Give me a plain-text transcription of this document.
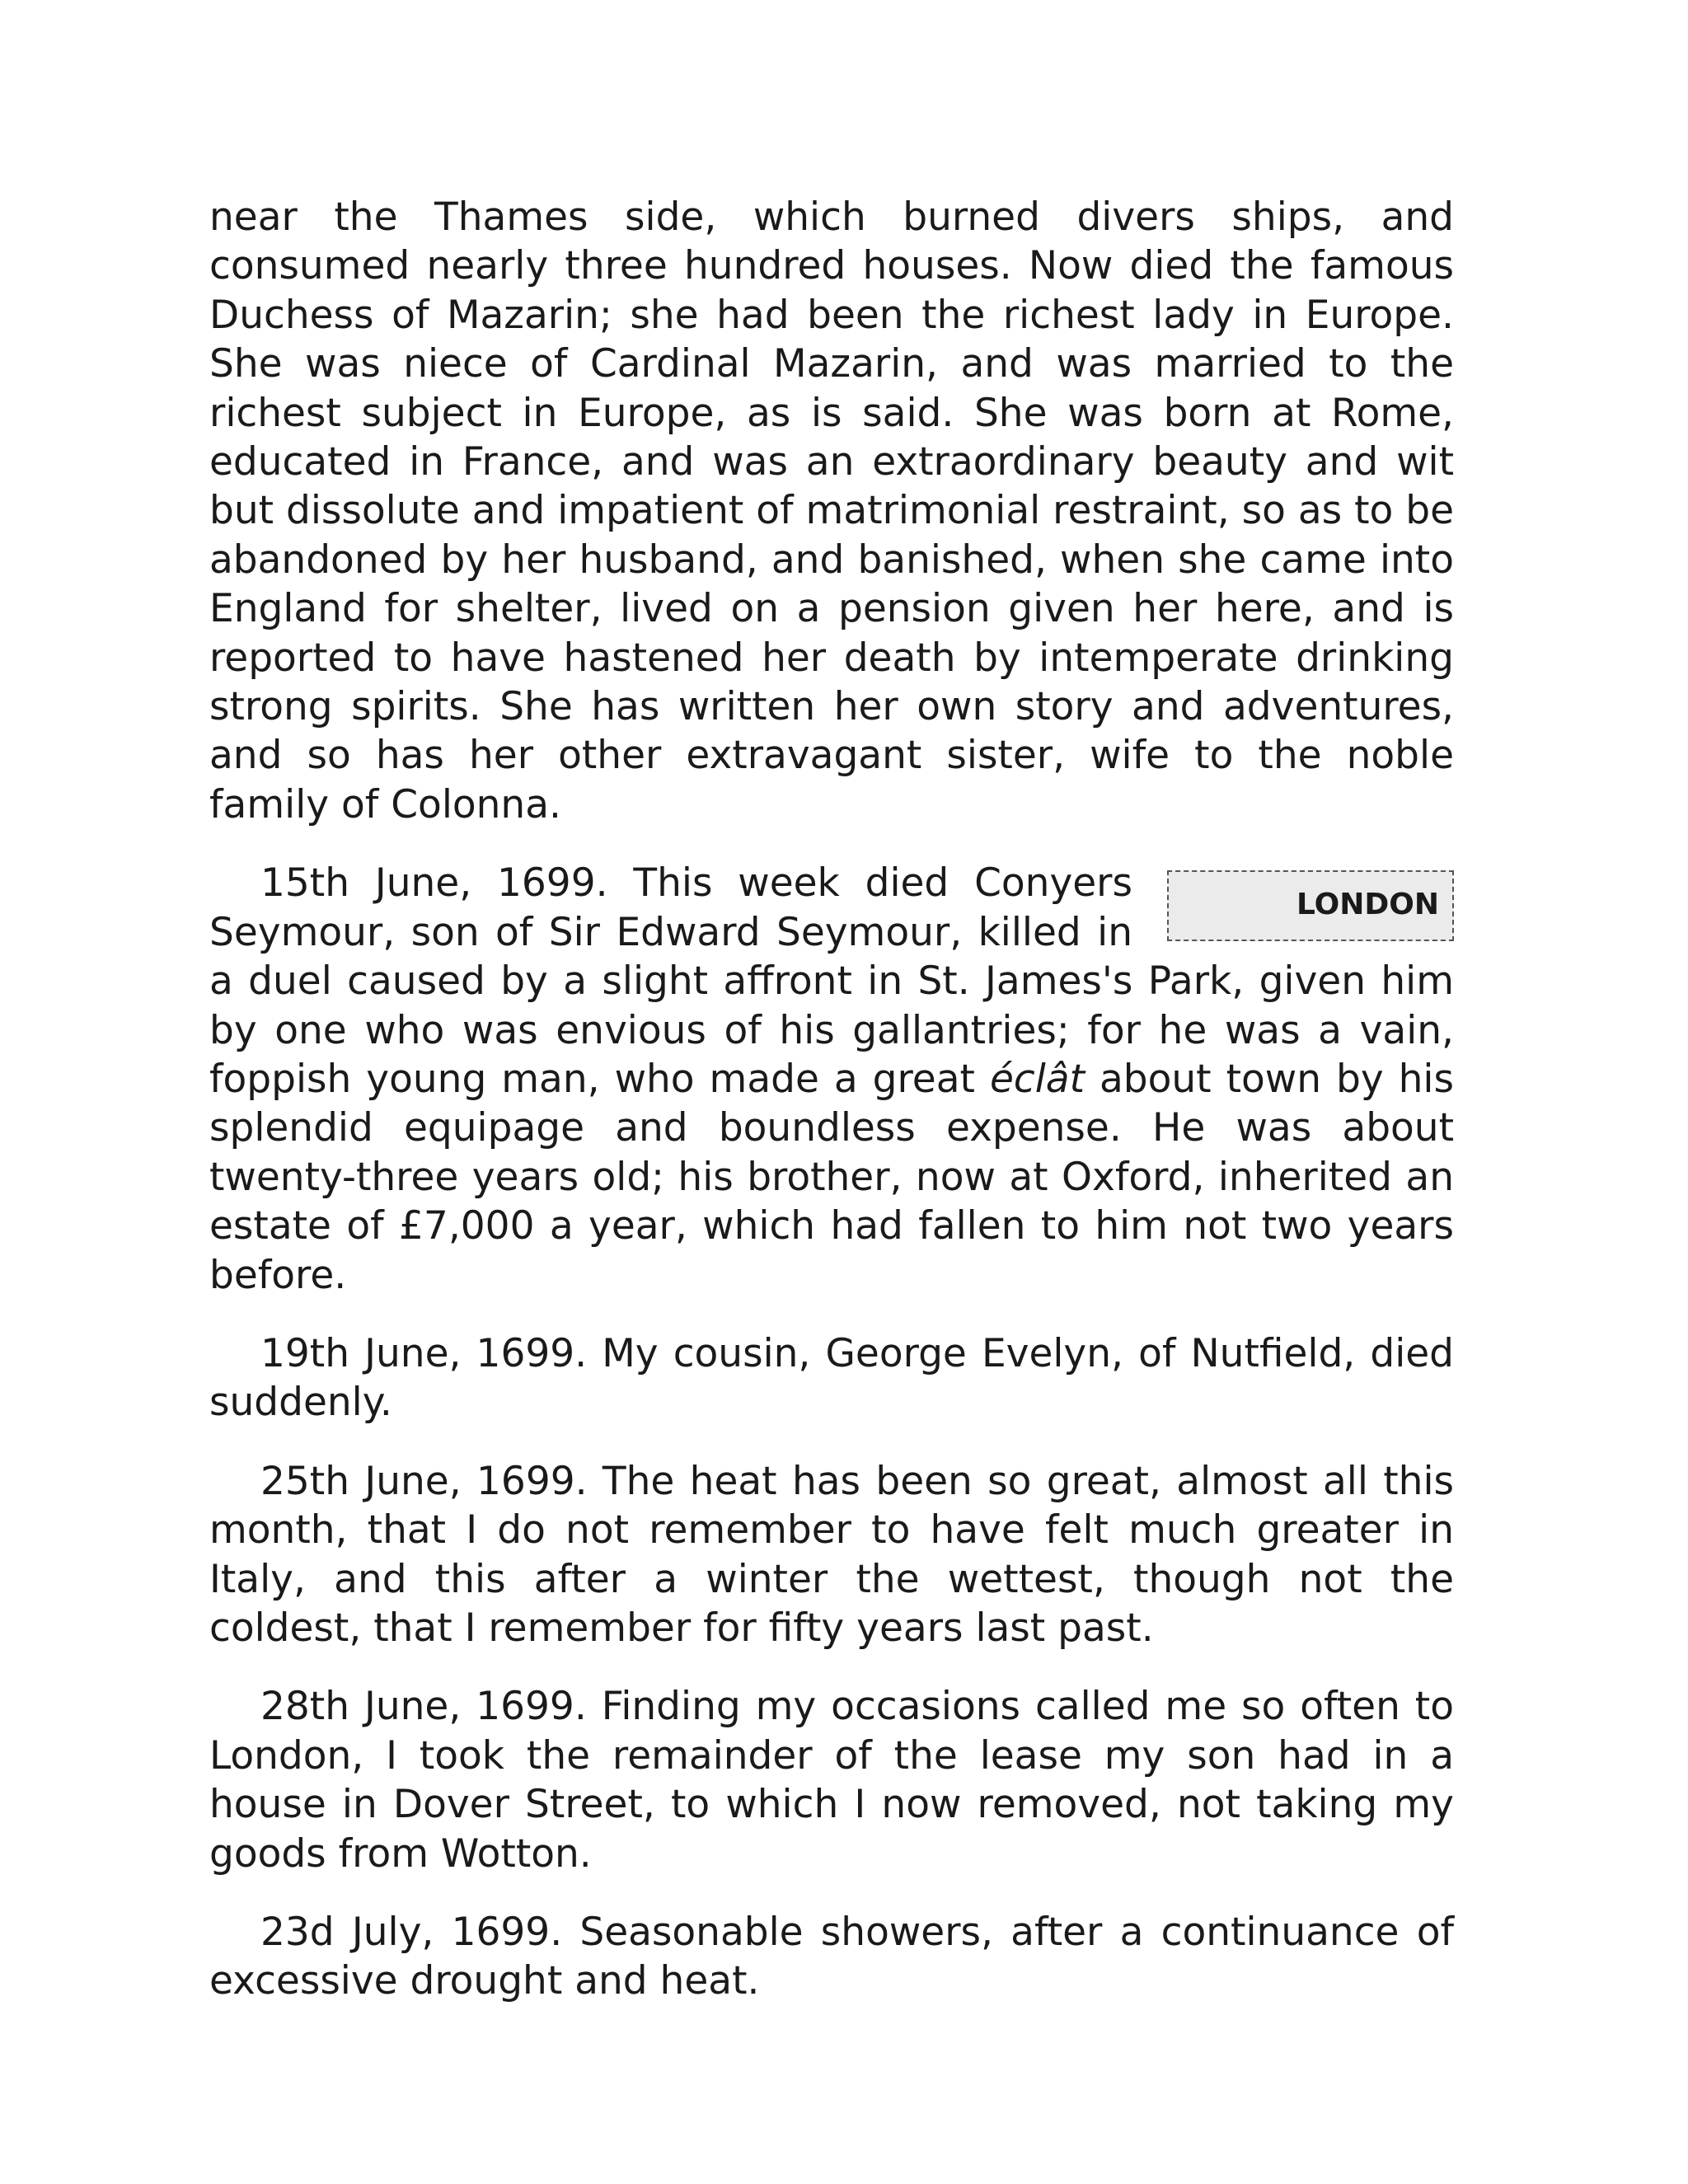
near the Thames side, which burned divers ships, and consumed nearly three hundred houses. Now died the famous Duchess of Mazarin; she had been the richest lady in Europe. She was niece of Cardinal Mazarin, and was married to the richest subject in Europe, as is said. She was born at Rome, educated in France, and was an extraordinary beauty and wit but dissolute and impatient of matrimonial restraint, so as to be abandoned by her husband, and banished, when she came into England for shelter, lived on a pension given her here, and is reported to have hastened her death by intemperate drinking strong spirits. She has written her own story and adventures, and so has her other extravagant sister, wife to the noble family of Colonna.

LONDON
15th June, 1699. This week died Conyers Seymour, son of Sir Edward Seymour, killed in a duel caused by a slight affront in St. James's Park, given him by one who was envious of his gallantries; for he was a vain, foppish young man, who made a great éclât about town by his splendid equipage and boundless expense. He was about twenty-three years old; his brother, now at Oxford, inherited an estate of £7,000 a year, which had fallen to him not two years before.

19th June, 1699. My cousin, George Evelyn, of Nutfield, died suddenly.

25th June, 1699. The heat has been so great, almost all this month, that I do not remember to have felt much greater in Italy, and this after a winter the wettest, though not the coldest, that I remember for fifty years last past.

28th June, 1699. Finding my occasions called me so often to London, I took the remainder of the lease my son had in a house in Dover Street, to which I now removed, not taking my goods from Wotton.

23d July, 1699. Seasonable showers, after a continuance of excessive drought and heat.
